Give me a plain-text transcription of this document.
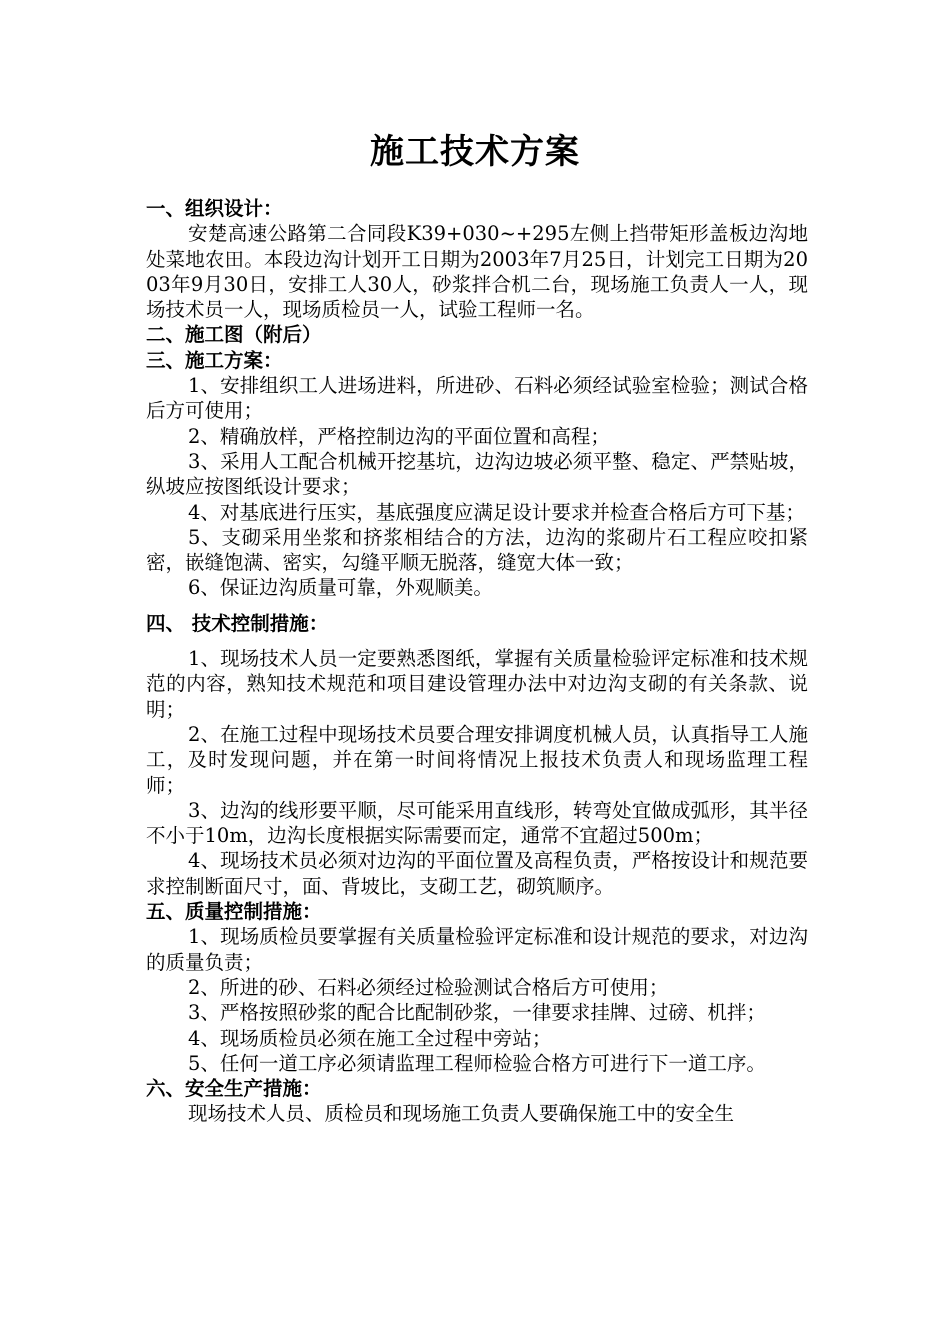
施工技术方案
一、组织设计：
安楚高速公路第二合同段K39+030~+295左侧上挡带矩形盖板边沟地处菜地农田。本段边沟计划开工日期为2003年7月25日，计划完工日期为2003年9月30日，安排工人30人，砂浆拌合机二台，现场施工负责人一人，现场技术员一人，现场质检员一人，试验工程师一名。
二、施工图（附后）
三、施工方案：
1、安排组织工人进场进料，所进砂、石料必须经试验室检验；测试合格后方可使用；
2、精确放样，严格控制边沟的平面位置和高程；
3、采用人工配合机械开挖基坑，边沟边坡必须平整、稳定、严禁贴坡，纵坡应按图纸设计要求；
4、对基底进行压实，基底强度应满足设计要求并检查合格后方可下基；
5、支砌采用坐浆和挤浆相结合的方法，边沟的浆砌片石工程应咬扣紧密，嵌缝饱满、密实，勾缝平顺无脱落，缝宽大体一致；
6、保证边沟质量可靠，外观顺美。
四、 技术控制措施：
1、现场技术人员一定要熟悉图纸，掌握有关质量检验评定标准和技术规范的内容，熟知技术规范和项目建设管理办法中对边沟支砌的有关条款、说明；
2、在施工过程中现场技术员要合理安排调度机械人员，认真指导工人施工，及时发现问题，并在第一时间将情况上报技术负责人和现场监理工程师；
3、边沟的线形要平顺，尽可能采用直线形，转弯处宜做成弧形，其半径不小于10m，边沟长度根据实际需要而定，通常不宜超过500m；
4、现场技术员必须对边沟的平面位置及高程负责，严格按设计和规范要求控制断面尺寸，面、背坡比，支砌工艺，砌筑顺序。
五、质量控制措施：
1、现场质检员要掌握有关质量检验评定标准和设计规范的要求，对边沟的质量负责；
2、所进的砂、石料必须经过检验测试合格后方可使用；
3、严格按照砂浆的配合比配制砂浆，一律要求挂牌、过磅、机拌；
4、现场质检员必须在施工全过程中旁站；
5、任何一道工序必须请监理工程师检验合格方可进行下一道工序。
六、安全生产措施：
现场技术人员、质检员和现场施工负责人要确保施工中的安全生
